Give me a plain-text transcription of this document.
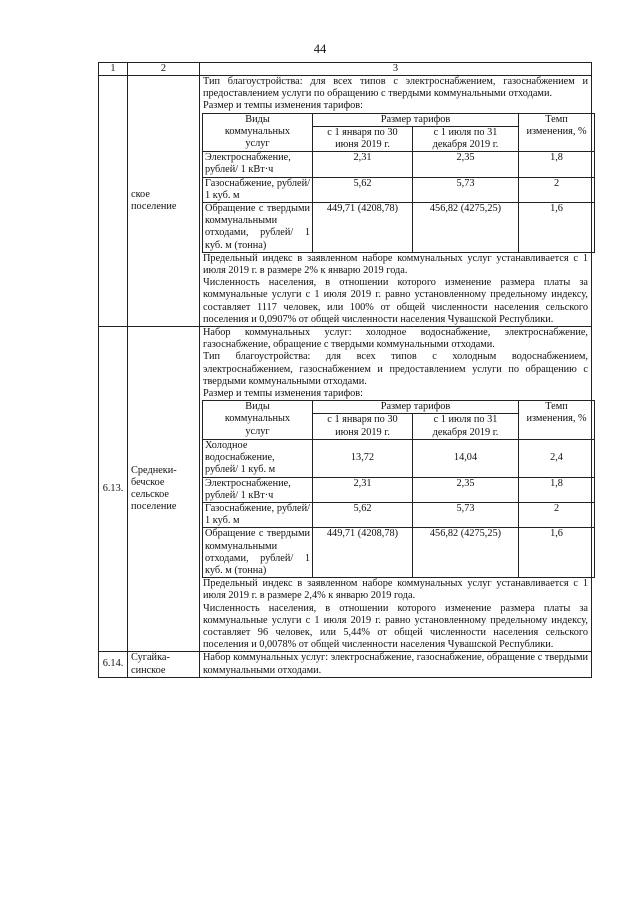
44
1	2	3
	ское поселение	

Тип благоустройства: для всех типов с электроснабжением, газоснабжением и предоставлением услуги по обращению с твердыми коммунальными отходами.

Размер и темпы изменения тарифов:

Виды коммунальных услуг	Размер тарифов	Темп изменения, %
с 1 января по 30 июня 2019 г.	с 1 июля по 31 декабря 2019 г.
Электроснабжение, рублей/ 1 кВт·ч	2,31	2,35	1,8
Газоснабжение, рублей/ 1 куб. м	5,62	5,73	2
Обращение с твердыми коммунальными отходами, рублей/ 1 куб. м (тонна)	449,71 (4208,78)	456,82 (4275,25)	1,6

Предельный индекс в заявленном наборе коммунальных услуг устанавливается с 1 июля 2019 г. в размере 2% к январю 2019 года.

Численность населения, в отношении которого изменение размера платы за коммунальные услуги с 1 июля 2019 г. равно установленному предельному индексу, составляет 1117 человек, или 100% от общей численности населения сельского поселения и 0,0907% от общей численности населения Чувашской Республики.

6.13.	Среднеки-бечское сельское поселение	

Набор коммунальных услуг: холодное водоснабжение, электроснабжение, газоснабжение, обращение с твердыми коммунальными отходами.

Тип благоустройства: для всех типов с холодным водоснабжением, электроснабжением, газоснабжением и предоставлением услуги по обращению с твердыми коммунальными отходами.

Размер и темпы изменения тарифов:

Виды коммунальных услуг	Размер тарифов	Темп изменения, %
с 1 января по 30 июня 2019 г.	с 1 июля по 31 декабря 2019 г.
Холодное водоснабжение, рублей/ 1 куб. м	13,72	14,04	2,4
Электроснабжение, рублей/ 1 кВт·ч	2,31	2,35	1,8
Газоснабжение, рублей/ 1 куб. м	5,62	5,73	2
Обращение с твердыми коммунальными отходами, рублей/ 1 куб. м (тонна)	449,71 (4208,78)	456,82 (4275,25)	1,6

Предельный индекс в заявленном наборе коммунальных услуг устанавливается с 1 июля 2019 г. в размере 2,4% к январю 2019 года.

Численность населения, в отношении которого изменение размера платы за коммунальные услуги с 1 июля 2019 г. равно установленному предельному индексу, составляет 96 человек, или 5,44% от общей численности населения сельского поселения и 0,0078% от общей численности населения Чувашской Республики.

6.14.	Сугайка-синское	

Набор коммунальных услуг: электроснабжение, газоснабжение, обращение с твердыми коммунальными отходами.
